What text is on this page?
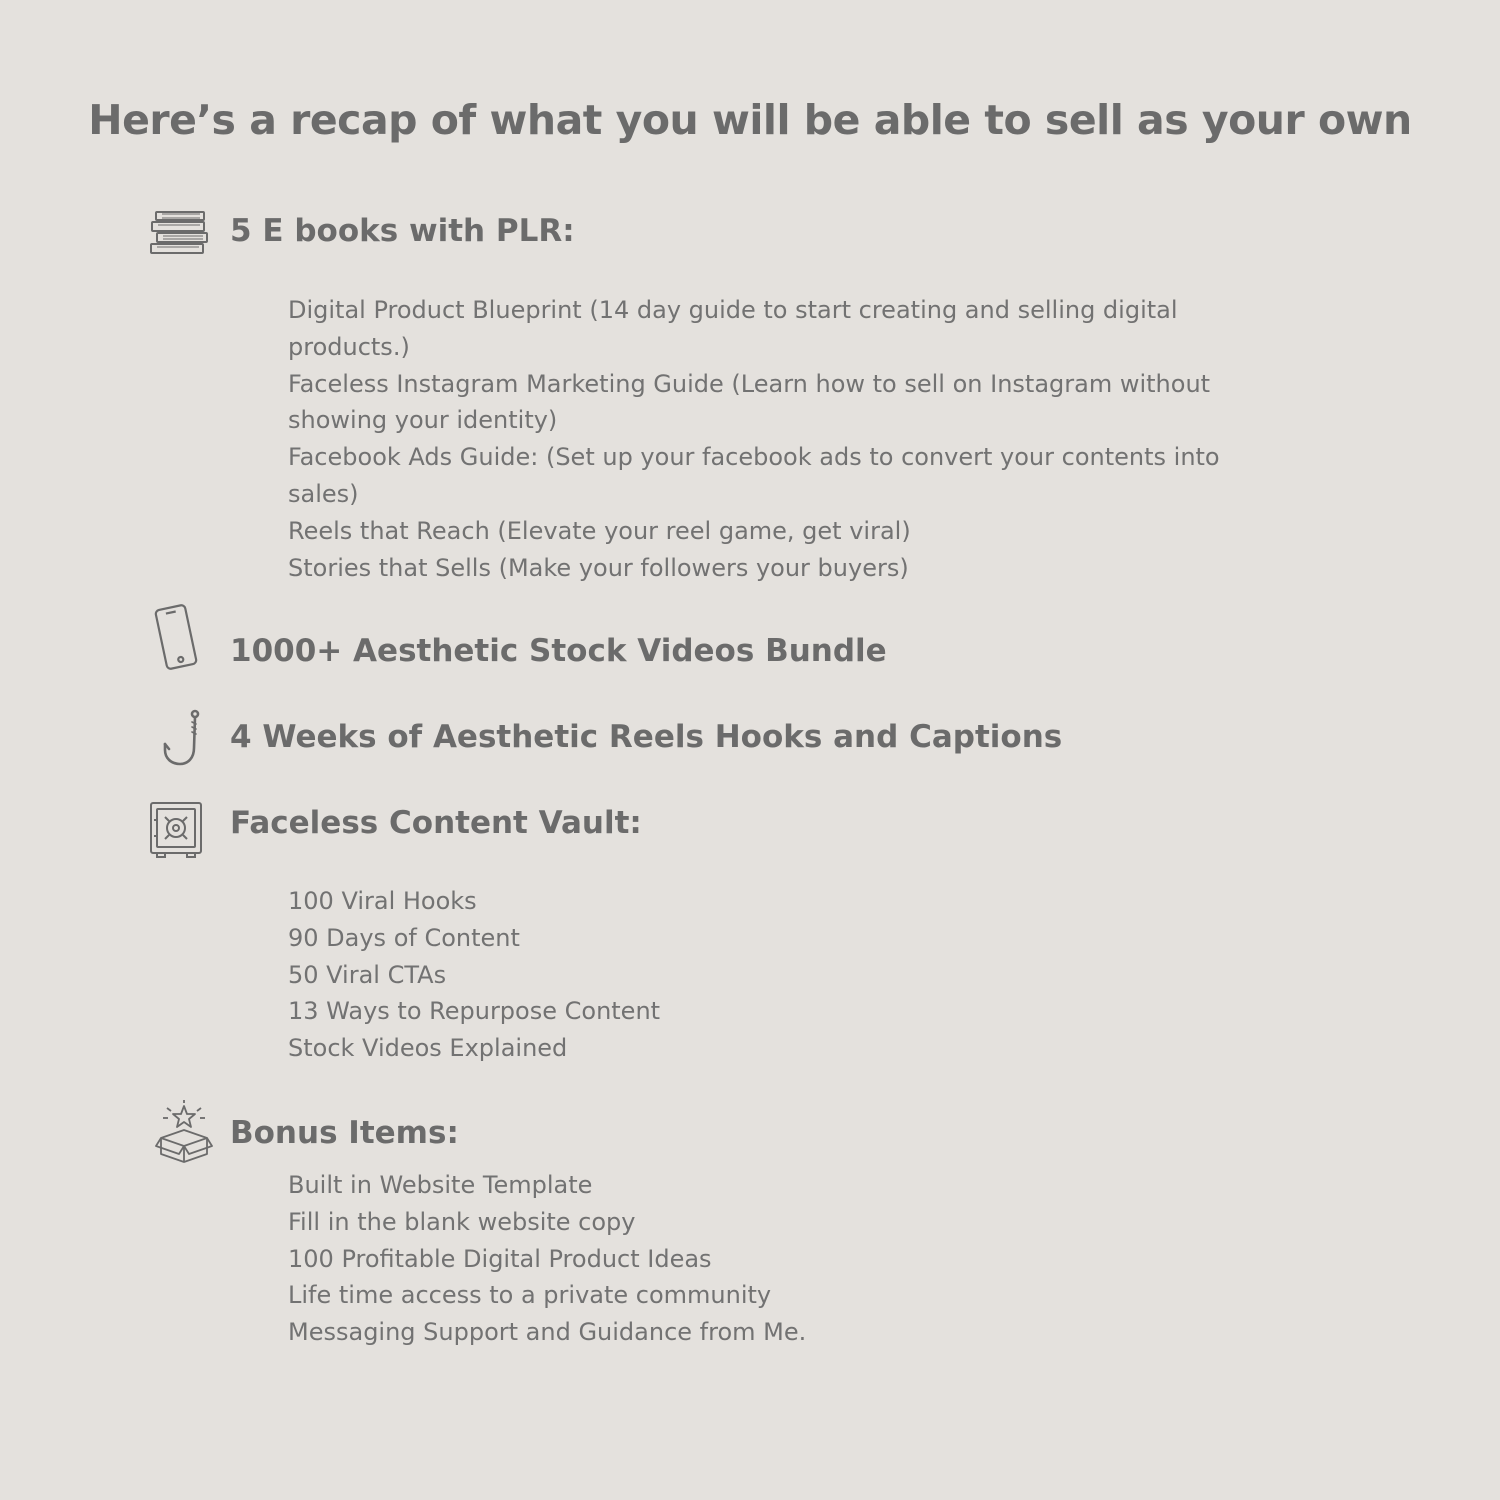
Here’s a recap of what you will be able to sell as your own
5 E books with PLR:
Digital Product Blueprint (14 day guide to start creating and selling digital products.)
Faceless Instagram Marketing Guide (Learn how to sell on Instagram without showing your identity)
Facebook Ads Guide: (Set up your facebook ads to convert your contents into sales)
Reels that Reach (Elevate your reel game, get viral)
Stories that Sells (Make your followers your buyers)
1000+ Aesthetic Stock Videos Bundle
4 Weeks of Aesthetic Reels Hooks and Captions
Faceless Content Vault:
100 Viral Hooks
90 Days of Content
50 Viral CTAs
13 Ways to Repurpose Content
Stock Videos Explained
Bonus Items:
Built in Website Template
Fill in the blank website copy
100 Profitable Digital Product Ideas
Life time access to a private community
Messaging Support and Guidance from Me.
